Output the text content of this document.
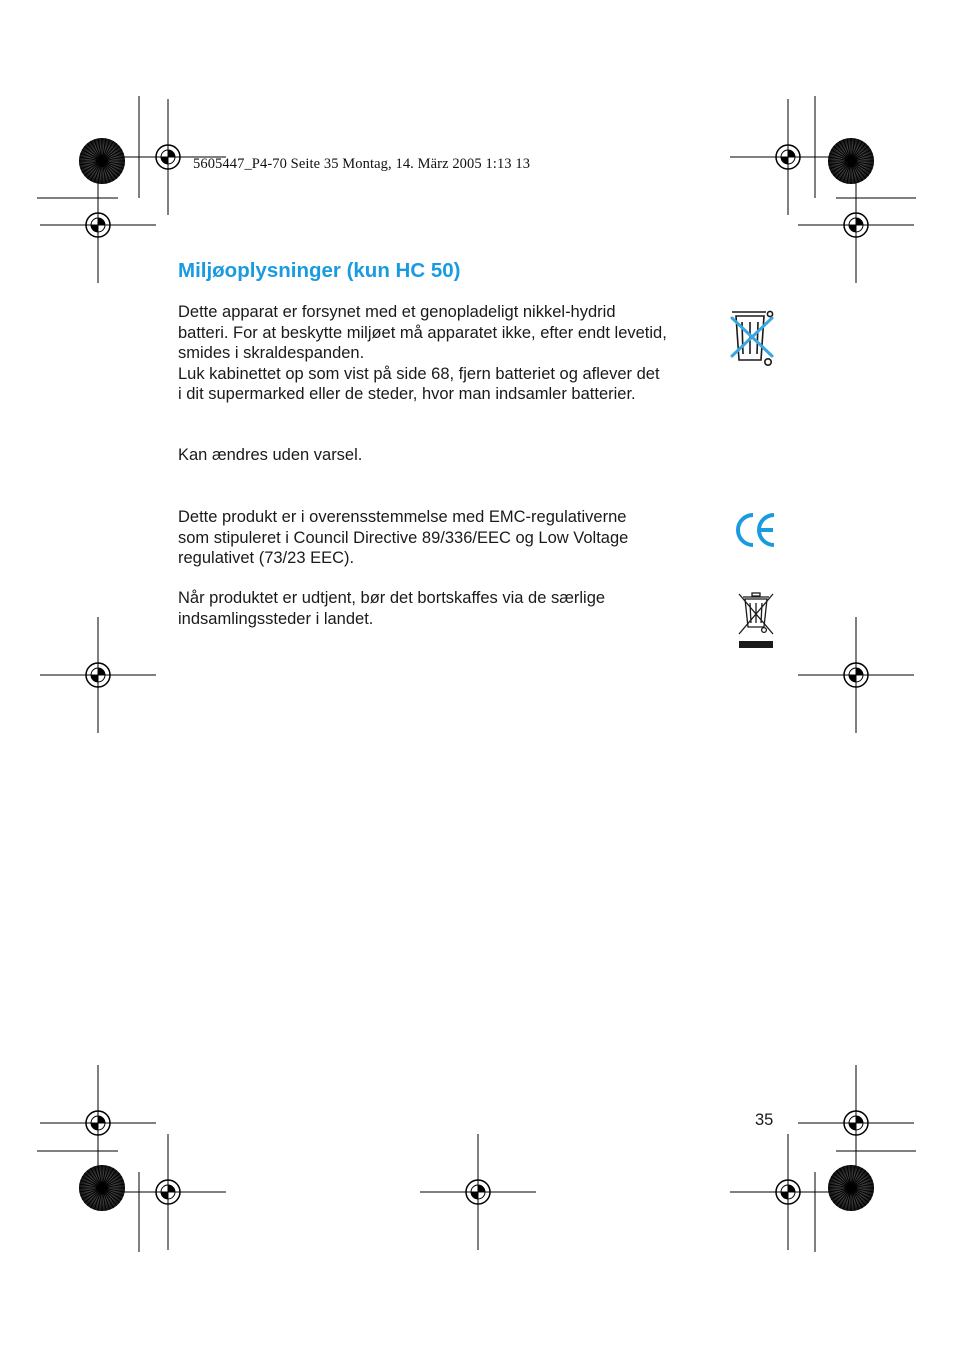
5605447_P4-70 Seite 35 Montag, 14. März 2005 1:13 13
Miljøoplysninger (kun HC 50)

Dette apparat er forsynet med et genopladeligt nikkel-hydrid
batteri. For at beskytte miljøet må apparatet ikke, efter endt levetid,
smides i skraldespanden.
Luk kabinettet op som vist på side 68, fjern batteriet og aflever det
i dit supermarked eller de steder, hvor man indsamler batterier.

Kan ændres uden varsel.

Dette produkt er i overensstemmelse med EMC-regulativerne
som stipuleret i Council Directive 89/336/EEC og Low Voltage
regulativet (73/23 EEC).

Når produktet er udtjent, bør det bortskaffes via de særlige
indsamlingssteder i landet.

35
